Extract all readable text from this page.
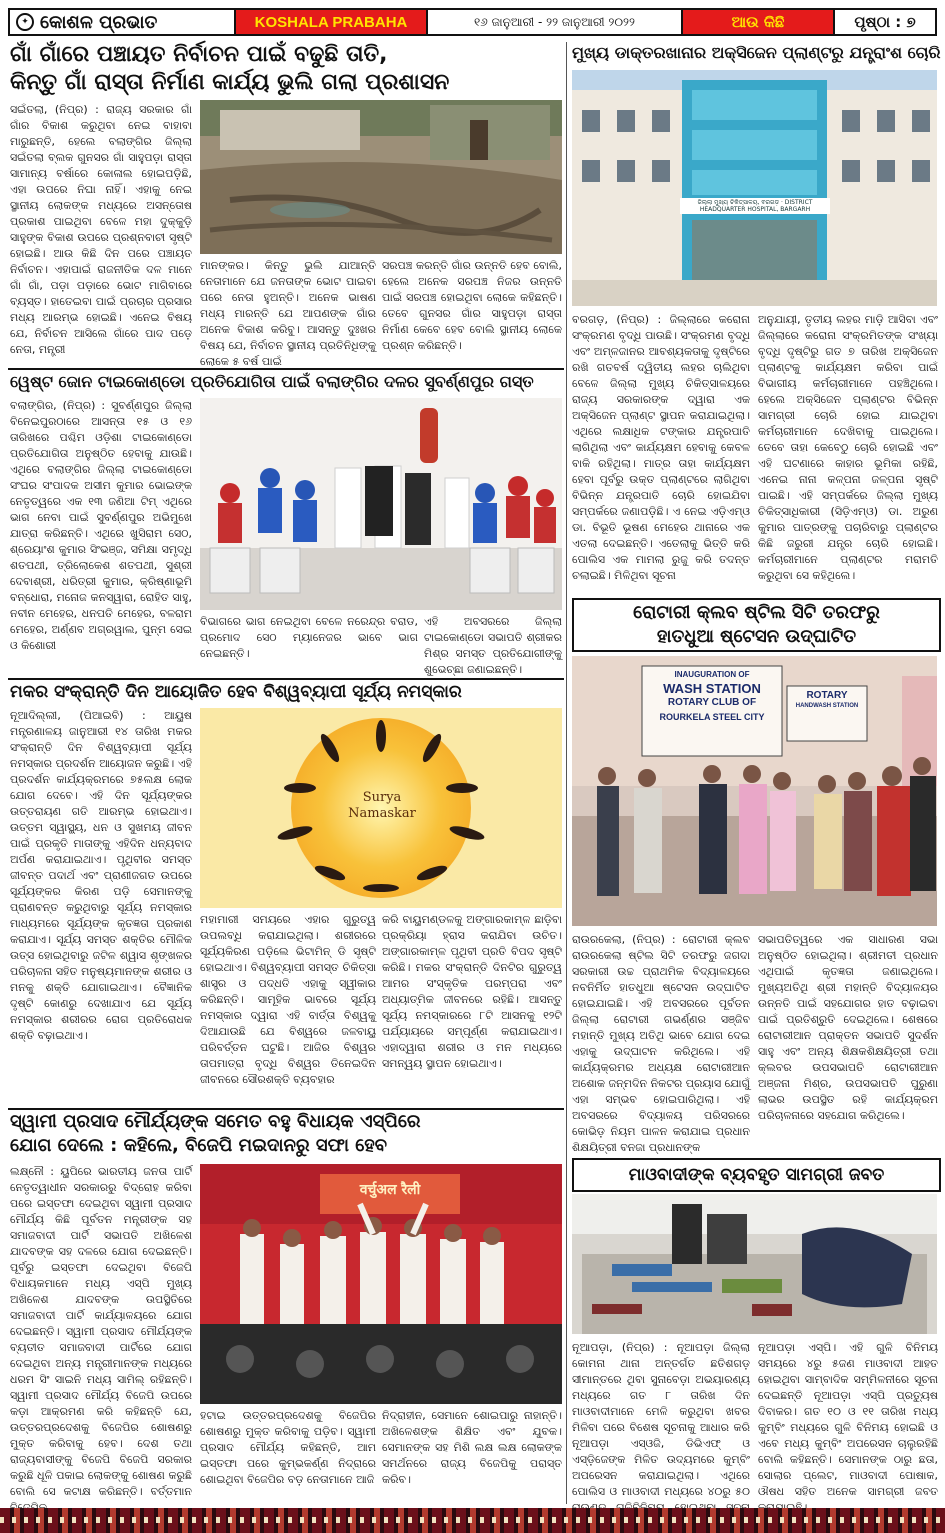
✦ କୋଶଳ ପ୍ରଭାତ	KOSHALA PRABAHA	୧୬ ଜାନୁଆରୀ - ୨୨ ଜାନୁଆରୀ ୨୦୨୨	ଆଉ କିଛି	ପୃଷ୍ଠା : ୭
ଗାଁ ଗାଁରେ ପଞ୍ଚାୟତ ନିର୍ବାଚନ ପାଇଁ ବଢୁଛି ତାତି,
କିନ୍ତୁ ଗାଁ ରାସ୍ତା ନିର୍ମାଣ କାର୍ଯ୍ୟ ଭୁଲି ଗଲା ପ୍ରଶାସନ
ସଇଁତଲା, (ନିପ୍ର) : ରାଜ୍ୟ ସରକାର ଗାଁ ଗାଁର ବିକାଶ କରୁଥିବା ନେଇ ବାହାବା ମାରୁଛନ୍ତି, ହେଲେ ବଲାଙ୍ଗିର ଜିଲ୍ଲା ସଇଁତଲା ବ୍ଲକ ଗୁନସର ଗାଁ ସାହୁପଡ଼ା ରାସ୍ତା ସାମାନ୍ୟ ବର୍ଷାରେ କୋଳାଲ ହୋଇପଡ଼ିଛି, ଏହା ଉପରେ ନିଘା ନାହିଁ। ଏହାକୁ ନେଇ ସ୍ଥାନୀୟ ଲୋକଙ୍କ ମଧ୍ୟରେ ଅସନ୍ତୋଷ ପ୍ରକାଶ ପାଇଥିବା ବେଳେ ମହା ଦୁକ୍କୁଡ଼ି ସାହୁଙ୍କ ବିକାଶ ଉପରେ ପ୍ରଶ୍ନବାଚୀ ସୃଷ୍ଟି ହୋଇଛି। ଆଉ କିଛି ଦିନ ପରେ ପଞ୍ଚାୟତ ନିର୍ବାଚନ। ଏହାପାଇଁ ରାଜନୀତିକ ଦଳ ମାନେ ଗାଁ ଗାଁ, ପଡ଼ା ପଡ଼ାରେ ଭୋଟ ମାଗିବାରେ ବ୍ୟସ୍ତ। ହାତେଇବା ପାଇଁ ପ୍ରଚାର ପ୍ରସାର ମଧ୍ୟ ଆରମ୍ଭ ହୋଇଛି। ଏନେଇ ବିଷୟ ଯେ, ନିର୍ବାଚନ ଆସିଲେ ଗାଁରେ ପାଦ ପଡ଼େ ନେତା, ମନ୍ତ୍ରୀ
ମାନଙ୍କର। କିନ୍ତୁ ଭୁଲି ଯାଆନ୍ତି ନେତାମାନେ ଯେ ଜନତାଙ୍କ ଭୋଟ ପାଇବା ପରେ ନେତା ହୁଅନ୍ତି। ଅନେକ ଭାଷଣ ମଧ୍ୟ ମାରନ୍ତି ଯେ ଆପଣଙ୍କ ଗାଁର ଅନେକ ବିକାଶ କରିବୁ। ଆସନ୍ତୁ ଦୁଃଖର ବିଷୟ ଯେ, ନିର୍ବାଚନ ସ୍ଥାନୀୟ ପ୍ରତିନିଧିଙ୍କୁ ଲୋକେ ୫ ବର୍ଷ ପାଇଁ
ସରପଞ୍ଚ କରନ୍ତି ଗାଁର ଉନ୍ନତି ହେବ ବୋଲି, ହେଲେ ଅନେକ ସରପଞ୍ଚ ନିଜର ଉନ୍ନତି ପାଇଁ ସରପଞ୍ଚ ହୋଇଥିବା ଲୋକେ କହିଛନ୍ତି। ତେବେ ଗୁନସର ଗାଁର ସାହୁପଡ଼ା ରାସ୍ତା ନିର୍ମାଣ କେବେ ହେବ ବୋଲି ସ୍ଥାନୀୟ ଲୋକେ ପ୍ରଶ୍ନ କରିଛନ୍ତି।
ମୁଖ୍ୟ ଡାକ୍ତରଖାନାର ଅକ୍ସିଜେନ ପ୍ଲାଣ୍ଟରୁ ଯନ୍ତ୍ରାଂଶ ଚୋରି
ଜିଲ୍ଲା ମୁଖ୍ୟ ଚିକିତ୍ସାଳୟ, ବରଗଡ଼ · DISTRICT HEADQUARTER HOSPITAL, BARGARH
ବରଗଡ଼, (ନିପ୍ର) : ଜିଲ୍ଲାରେ କରୋନା ସଂକ୍ରମଣ ବୃଦ୍ଧି ପାଉଛି। ସଂକ୍ରମଣ ବୃଦ୍ଧି ଏବଂ ଅମ୍ଳଜାନର ଆବଶ୍ୟକତାକୁ ଦୃଷ୍ଟିରେ ରଖି ଗତବର୍ଷ ଦ୍ୱିତୀୟ ଲହର ଚାଲିଥିବା ବେଳେ ଜିଲ୍ଲା ମୁଖ୍ୟ ଚିକିତ୍ସାଳୟରେ ରାଜ୍ୟ ସରକାରଙ୍କ ଦ୍ୱାରା ଏକ ଅକ୍ସିଜେନ ପ୍ଲାଣ୍ଟ ସ୍ଥାପନ କରାଯାଇଥିଲା। ଏଥିରେ ଲକ୍ଷାଧିକ ଟଙ୍କାର ଯନ୍ତ୍ରପାତି ଲାଗିଥିଲା ଏବଂ କାର୍ଯ୍ୟକ୍ଷମ ହେବାକୁ କେବଳ ବାକି ରହିଥିଲା। ମାତ୍ର ତାହା କାର୍ଯ୍ୟକ୍ଷମ ହେବା ପୂର୍ବରୁ ଉକ୍ତ ପ୍ଲାଣ୍ଟରେ ଲାଗିଥିବା ବିଭିନ୍ନ ଯନ୍ତ୍ରପାତି ଚୋରି ହୋଇଯିବା ସମ୍ପର୍କରେ ଜଣାପଡ଼ିଛି। ଏ ନେଇ ଏଡ଼ିଏମ୍‌ଓ ଡା. ବିଭୂତି ଭୂଷଣ ମେହେର ଥାନାରେ ଏକ ଏତଲା ଦେଇଛନ୍ତି। ଏତେଲାକୁ ଭିତ୍ତି କରି ପୋଲିସ ଏକ ମାମଲା ରୁଜୁ କରି ତଦନ୍ତ ଚଲାଇଛି। ମିଳିଥିବା ସୂଚନା
ଅନୁଯାୟୀ, ତୃତୀୟ ଲହର ମାଡ଼ି ଆସିବା ଏବଂ ଜିଲ୍ଲାରେ କରୋନା ସଂକ୍ରମିତଙ୍କ ସଂଖ୍ୟା ବୃଦ୍ଧି ଦୃଷ୍ଟିରୁ ଗତ ୭ ତାରିଖ ଅକ୍ସିଜେନ ପ୍ଲାଣ୍ଟକୁ କାର୍ଯ୍ୟକ୍ଷମ କରିବା ପାଇଁ ବିଭାଗୀୟ କର୍ମଚାରୀମାନେ ପହଞ୍ଚିଥିଲେ। ହେଲେ ଅକ୍ସିଜେନ ପ୍ଲାଣ୍ଟର ବିଭିନ୍ନ ସାମଗ୍ରୀ ଚୋରି ହୋଇ ଯାଇଥିବା କର୍ମଚାରୀମାନେ ଦେଖିବାକୁ ପାଇଥିଲେ। ତେବେ ତାହା କେବେଠୁ ଚୋରି ହୋଇଛି ଏବଂ ଏହି ଘଟଣାରେ କାହାର ଭୂମିକା ରହିଛି, ଏନେଇ ନାନା କଳ୍ପନା ଜଳ୍ପନା ସୃଷ୍ଟି ପାଇଛି। ଏହି ସମ୍ପର୍କରେ ଜିଲ୍ଲା ମୁଖ୍ୟ ଚିକିତ୍ସାଧିକାରୀ (ସିଡ଼ିଏମ୍‌ଓ) ଡା. ଅରୁଣ କୁମାର ପାତ୍ରଙ୍କୁ ପଚାରିବାରୁ ପ୍ଲାଣ୍ଟର କିଛି ଜରୁରୀ ଯନ୍ତ୍ର ଚୋରି ହୋଇଛି। କର୍ମଚାରୀମାନେ ପ୍ଲାଣ୍ଟର ମରାମତି କରୁଥିବା ସେ କହିଥିଲେ।
ୱେଷ୍ଟ ଜୋନ ଟାଇକୋଣ୍ଡୋ ପ୍ରତିଯୋଗିତା ପାଇଁ ବଲାଙ୍ଗିର ଦଳର ସୁବର୍ଣ୍ଣପୁର ଗସ୍ତ
ବଲାଙ୍ଗିର, (ନିପ୍ର) : ସୁବର୍ଣ୍ଣପୁର ଜିଲ୍ଲା ବିନେଇପୁରଠାରେ ଆସନ୍ତା ୧୫ ଓ ୧୬ ତାରିଖରେ ପଶ୍ଚିମ ଓଡ଼ିଶା ଟାଇକୋଣ୍ଡୋ ପ୍ରତିଯୋଗିତା ଅନୁଷ୍ଠିତ ହେବାକୁ ଯାଉଛି। ଏଥିରେ ବଲାଙ୍ଗିର ଜିଲ୍ଲା ଟାଇକୋଣ୍ଡୋ ସଂଘର ସଂପାଦକ ଅସୀମ କୁମାର ଭୋଇଙ୍କ ନେତୃତ୍ୱରେ ଏକ ୧୩ ଜଣିଆ ଟିମ୍ ଏଥିରେ ଭାଗ ନେବା ପାଇଁ ସୁବର୍ଣ୍ଣପୁର ଅଭିମୁଖେ ଯାତ୍ରା କରିଛନ୍ତି। ଏଥିରେ ଖୁସିରାମ ସେଠ, ଶ୍ରେୟାଂଶ କୁମାର ସିଂଭଞ୍ଜ, ସମିକ୍ଷା ସମୃଦ୍ଧି ଶତପଥୀ, ତ୍ରିଲୋକେଶ ଶତପଥୀ, ସୁଶ୍ରୀ ଦେବାଶ୍ରୀ, ଧରିତ୍ରୀ କୁମାର, କ୍ରିଷ୍ଣାଭୂମି ବନ୍ଧୋରା, ମନୋଜ କନସ୍ୱାରା, ରୋହିତ ସାହୁ, ନବୀନ ମେହେର, ଧନପତି ମେହେର, ବଳରାମ ମେହେର, ଅର୍ଣ୍ଣବ ଅଗ୍ରୱାଲ, ପୁନ୍ମ ସେଇ ଓ କିଶୋରୀ
ବିଭାଗରେ ଭାଗ ନେଇଥିବା ବେଳେ ନରେନ୍ଦ୍ର ବରାଡ, ପ୍ରମୋଦ ସେଠ ମ୍ୟାନେଜର ଭାବେ ଭାଗ ନେଇଛନ୍ତି।
ଏହି ଅବସରରେ ଜିଲ୍ଲା ଟାଇକୋଣ୍ଡୋ ସଭାପତି ଶ୍ରୀକର ମିଶ୍ର ସମସ୍ତ ପ୍ରତିଯୋଗୀଙ୍କୁ ଶୁଭେଚ୍ଛା ଜଣାଇଛନ୍ତି।
ରୋଟାରୀ କ୍ଲବ ଷ୍ଟିଲ ସିଟି ତରଫରୁ
ହାତଧୁଆ ଷ୍ଟେସନ ଉଦ୍‌ଘାଟିତ
INAUGURATION OF
WASH STATION
ROTARY CLUB OF
ROURKELA STEEL CITY
ROTARY
HANDWASH STATION
ରାଉରକେଲା, (ନିପ୍ର) : ରୋଟାରୀ କ୍ଲବ ରାଉରକେଲା ଷ୍ଟିଲ ସିଟି ତରଫରୁ ଜଗଦା ସରକାରୀ ଉଚ୍ଚ ପ୍ରାଥମିକ ବିଦ୍ୟାଳୟରେ ନବନିର୍ମିତ ହାତଧୁଆ ଷ୍ଟେସନ ଉଦ୍‌ଘାଟିତ ହୋଇଯାଇଛି। ଏହି ଅବସରରେ ପୂର୍ବତନ ଜିଲ୍ଲା ରୋଟାରୀ ଗଭର୍ଣ୍ଣର ସଞ୍ଜିବ ମହାନ୍ତି ମୁଖ୍ୟ ଅତିଥି ଭାବେ ଯୋଗ ଦେଇ ଏହାକୁ ଉଦ୍‌ଘାଟନ କରିଥିଲେ। ଏହି କାର୍ଯ୍ୟକ୍ରମର ଅଧ୍ୟକ୍ଷ ରୋଟାରୀଆନ ଅଶୋକ ଜନ୍ମଦିନ ନିକଟର ପ୍ରୟାସ ଯୋଗୁଁ ଏହା ସମ୍ଭବ ହୋଇପାରିଥିଲା। ଏହି ଅବସରରେ ବିଦ୍ୟାଳୟ ପରିସରରେ କୋଭିଡ଼ ନିୟମ ପାଳନ କରାଯାଇ ପ୍ରଧାନ ଶିକ୍ଷୟିତ୍ରୀ ବନଜା ପ୍ରଧାନଙ୍କ
ସଭାପତିତ୍ୱରେ ଏକ ସାଧାରଣ ସଭା ଅନୁଷ୍ଠିତ ହୋଇଥିଲା। ଶ୍ରୀମତୀ ପ୍ରଧାନ ଏଥିପାଇଁ କୃତଜ୍ଞତା ଜଣାଇଥିଲେ। ମୁଖ୍ୟଅତିଥି ଶ୍ରୀ ମହାନ୍ତି ବିଦ୍ୟାଳୟର ଉନ୍ନତି ପାଇଁ ସହଯୋଗର ହାତ ବଢ଼ାଇବା ପାଇଁ ପ୍ରତିଶ୍ରୁତି ଦେଇଥିଲେ। ଶେଷରେ ରୋଟାରୀଆନ ପ୍ରାକ୍ତନ ସଭାପତି ସୁଦର୍ଶନ ସାହୁ ଏବଂ ଅନ୍ୟ ଶିକ୍ଷକଶିକ୍ଷୟିତ୍ରୀ ତଥା କ୍ଲବର ଉପସଭାପତି ରୋଟାରୀଆନ ଅଞ୍ଜନା ମିଶ୍ର, ଉପସଭାପତି ପୁରୁଣା ଲାଭର ଉପସ୍ଥିତ ରହି କାର୍ଯ୍ୟକ୍ରମ ପରିଚାଳନାରେ ସହଯୋଗ କରିଥିଲେ।
ମକର ସଂକ୍ରାନ୍ତି ଦିନ ଆୟୋଜିତ ହେବ ବିଶ୍ୱବ୍ୟାପୀ ସୂର୍ଯ୍ୟ ନମସ୍କାର
Surya
Namaskar
ନୂଆଦିଲ୍ଲୀ, (ପିଆଇବି) : ଆୟୁଷ ମନ୍ତ୍ରଣାଳୟ ଜାନୁଆରୀ ୧୪ ତାରିଖ ମକର ସଂକ୍ରାନ୍ତି ଦିନ ବିଶ୍ୱବ୍ୟାପୀ ସୂର୍ଯ୍ୟ ନମସ୍କାର ପ୍ରଦର୍ଶନ ଆୟୋଜନ କରୁଛି। ଏହି ପ୍ରଦର୍ଶନ କାର୍ଯ୍ୟକ୍ରମରେ ୭୫ଲକ୍ଷ ଲୋକ ଯୋଗ ଦେବେ। ଏହି ଦିନ ସୂର୍ଯ୍ୟଙ୍କର ଉତ୍ତରାୟଣ ଗତି ଆରମ୍ଭ ହୋଇଥାଏ। ଉତ୍ତମ ସ୍ୱାସ୍ଥ୍ୟ, ଧନ ଓ ସୁଖମୟ ଜୀବନ ପାଇଁ ପ୍ରକୃତି ମାତାଙ୍କୁ ଏହିଦିନ ଧନ୍ୟବାଦ ଅର୍ପଣ କରାଯାଇଥାଏ। ପୃଥିବୀର ସମସ୍ତ ଜୀବନ୍ତ ପଦାର୍ଥ ଏବଂ ପ୍ରାଣୀଜଗତ ଉପରେ ସୂର୍ଯ୍ୟଙ୍କର କିରଣ ପଡ଼ି ସେମାନଙ୍କୁ ପ୍ରାଣବନ୍ତ କରୁଥିବାରୁ ସୂର୍ଯ୍ୟ ନମସ୍କାର ମାଧ୍ୟମରେ ସୂର୍ଯ୍ୟଙ୍କ କୃତଜ୍ଞତା ପ୍ରକାଶ କରାଯାଏ। ସୂର୍ଯ୍ୟ ସମସ୍ତ ଶକ୍ତିର ମୌଳିକ ଉତ୍ସ ହୋଇଥିବାରୁ ଜଟିଳ ଶ୍ୱାସ ଶୃଙ୍ଖଳର ପରିଚାଳନା ସହିତ ମନୁଷ୍ୟମାନଙ୍କ ଶରୀର ଓ ମନକୁ ଶକ୍ତି ଯୋଗାଇଥାଏ। ବୈଜ୍ଞାନିକ ଦୃଷ୍ଟି କୋଣରୁ ଦେଖାଯାଏ ଯେ ସୂର୍ଯ୍ୟ ନମସ୍କାର ଶରୀରର ରୋଗ ପ୍ରତିରୋଧକ ଶକ୍ତି ବଢ଼ାଇଥାଏ।
ମହାମାରୀ ସମୟରେ ଏହାର ଗୁରୁତ୍ୱ ଉପଲବ୍ଧି କରାଯାଇଥିଲା। ଶରୀରରେ ସୂର୍ଯ୍ୟକିରଣ ପଡ଼ିଲେ ଭିଟାମିନ୍ ଡି ସୃଷ୍ଟି ହୋଇଥାଏ। ବିଶ୍ୱବ୍ୟାପୀ ସମସ୍ତ ଚିକିତ୍ସା ଶାସ୍ତ୍ର ଓ ପଦ୍ଧତି ଏହାକୁ ସ୍ୱୀକାର କରିଛନ୍ତି। ସାମୂହିକ ଭାବରେ ସୂର୍ଯ୍ୟ ନମସ୍କାର ଦ୍ୱାରା ଏହି ବାର୍ତ୍ତା ବିଶ୍ୱକୁ ଦିଆଯାଉଛି ଯେ ବିଶ୍ୱରେ ଜଳବାୟୁ ପରିବର୍ତ୍ତନ ଘଟୁଛି। ଆଜିର ବିଶ୍ୱର ତାପମାତ୍ରା ବୃଦ୍ଧି ବିଶ୍ୱର ତିନେଇଦିନ ଜୀବନରେ ସୌରଶକ୍ତି ବ୍ୟବହାର
କରି ବାୟୁମଣ୍ଡଳକୁ ଅଙ୍ଗାରକାମ୍ଳ ଛାଡ଼ିବା ପ୍ରକ୍ରିୟା ହ୍ରାସ କରାଯିବା ଉଚିତ। ଅଙ୍ଗାରକାମ୍ଳ ପୃଥିବୀ ପ୍ରତି ବିପଦ ସୃଷ୍ଟି କରିଛି। ମକର ସଂକ୍ରାନ୍ତି ଦିନଟିର ଗୁରୁତ୍ୱ ଆମର ସଂସ୍କୃତିକ ପରମ୍ପରା ଏବଂ ଅଧ୍ୟାତ୍ମିକ ଜୀବନରେ ରହିଛି। ଆସନ୍ତୁ ସୂର୍ଯ୍ୟ ନମସ୍କାରରେ ୮ଟି ଆସନକୁ ୧୨ଟି ପର୍ଯ୍ୟାୟରେ ସମ୍ପୂର୍ଣ୍ଣ କରାଯାଇଥାଏ। ଏହାଦ୍ୱାରା ଶରୀର ଓ ମନ ମଧ୍ୟରେ ସମନ୍ୱୟ ସ୍ଥାପନ ହୋଇଥାଏ।
ସ୍ୱାମୀ ପ୍ରସାଦ ମୌର୍ଯ୍ୟଙ୍କ ସମେତ ବହୁ ବିଧାୟକ ଏସ୍‌ପିରେ
ଯୋଗ ଦେଲେ : କହିଲେ, ବିଜେପି ମଇଦାନରୁ ସଫା ହେବ
वर्चुअल रैली
ଲକ୍ଷ୍ନୌ : ୟୁପିରେ ଭାରତୀୟ ଜନତା ପାର୍ଟି ନେତୃତ୍ୱାଧୀନ ସରକାରରୁ ବିଦ୍ରୋହ କରିବା ପରେ ଇସ୍ତଫା ଦେଇଥିବା ସ୍ୱାମୀ ପ୍ରସାଦ ମୌର୍ଯ୍ୟ କିଛି ପୂର୍ବତନ ମନ୍ତ୍ରୀଙ୍କ ସହ ସମାଜବାଦୀ ପାର୍ଟି ସଭାପତି ଅଖିଳେଶ ଯାଦବଙ୍କ ସହ ଦଳରେ ଯୋଗ ଦେଇଛନ୍ତି। ପୂର୍ବରୁ ଇସ୍ତଫା ଦେଇଥିବା ବିଜେପି ବିଧାୟକମାନେ ମଧ୍ୟ ଏସ୍‌ପି ମୁଖ୍ୟ ଅଖିଳେଶ ଯାଦବଙ୍କ ଉପସ୍ଥିତିରେ ସମାଜବାଦୀ ପାର୍ଟି କାର୍ଯ୍ୟାଳୟରେ ଯୋଗ ଦେଇଛନ୍ତି। ସ୍ୱାମୀ ପ୍ରସାଦ ମୌର୍ଯ୍ୟଙ୍କ ବ୍ୟତୀତ ସମାଜବାଦୀ ପାର୍ଟିରେ ଯୋଗ ଦେଇଥିବା ଅନ୍ୟ ମନ୍ତ୍ରୀମାନଙ୍କ ମଧ୍ୟରେ ଧରମ ସିଂ ସାଇନି ମଧ୍ୟ ସାମିଲ୍ ରହିଛନ୍ତି। ସ୍ୱାମୀ ପ୍ରସାଦ ମୌର୍ଯ୍ୟ ବିଜେପି ଉପରେ କଡ଼ା ଆକ୍ରମଣ କରି କହିଛନ୍ତି ଯେ, ଉତ୍ତରପ୍ରଦେଶକୁ ବିଜେପିର ଶୋଷଣରୁ ମୁକ୍ତ କରିବାକୁ ହେବ। ଦେଶ ତଥା ରାଜ୍ୟବାସୀଙ୍କୁ ବିଜେପି ବିଜେପି ସରକାର କରୁଛି ଧୂଳି ପକାଇ ଲୋକଙ୍କୁ ଶୋଷଣ କରୁଛି ବୋଲି ସେ କଟାକ୍ଷ କରିଛନ୍ତି। ବର୍ତ୍ତମାନ
ହଟାଇ ଉତ୍ତରପ୍ରଦେଶକୁ ବିଜେପିର ଶୋଷଣରୁ ମୁକ୍ତ କରିବାକୁ ପଡ଼ିବ। ସ୍ୱାମୀ ପ୍ରସାଦ ମୌର୍ଯ୍ୟ କହିଛନ୍ତି, ଆମ ଇସ୍ତଫା ପରେ କୁମ୍ଭକର୍ଣ୍ଣ ନିଦ୍ରାରେ ଶୋଇଥିବା ବିଜେପିର ବଡ଼ ନେତାମାନେ ଆଜି
ନିଦ୍ରାହୀନ, ସେମାନେ ଶୋଇପାରୁ ନାହାନ୍ତି। ଅଖିଳେଶଙ୍କ ଶିକ୍ଷିତ ଏବଂ ଯୁବକ। ସେମାନଙ୍କ ସହ ମିଶି ଲକ୍ଷ ଲକ୍ଷ ଲୋକଙ୍କ ସମର୍ଥନରେ ରାଜ୍ୟ ବିଜେପିକୁ ପରାସ୍ତ କରିବ।
ମାଓବାଦୀଙ୍କ ବ୍ୟବହୃତ ସାମଗ୍ରୀ ଜବତ
ନୂଆପଡ଼ା, (ନିପ୍ର) : ନୂଆପଡ଼ା ଜିଲ୍ଲା କୋମନା ଥାନା ଅନ୍ତର୍ଗତ ଛତିଶଗଡ଼ ସୀମାନ୍ତରେ ଥିବା ସୁନାବେଡ଼ା ଅଭୟାରଣ୍ୟ ମଧ୍ୟରେ ଗତ ୮ ତାରିଖ ଦିନ ମାଓବାଦୀମାନେ ମେଳି କରୁଥିବା ଖବର ମିଳିବା ପରେ ବିଶେଷ ସୂଚନାକୁ ଆଧାର କରି ନୂଆପଡ଼ା ଏସ୍‌ଓଜି, ଡିଭିଏଫ୍ ଓ ଏସ୍‌ଡ଼ିଜେଙ୍କ ମିଳିତ ଉଦ୍ୟମରେ କୁମ୍ବିଂ ଅପରେସନ କରାଯାଇଥିଲା। ଏଥିରେ ପୋଲିସ ଓ ମାଓବାଦୀ ମଧ୍ୟରେ ୪୦ରୁ ୫୦
ନୂଆପଡ଼ା ଏସ୍‌ପି। ଏହି ଗୁଳି ବିନିମୟ ସମୟରେ ୪ରୁ ୫ଜଣ ମାଓବାଦୀ ଆହତ ହୋଇଥିବା ସାମ୍ବାଦିକ ସମ୍ମିଳନୀରେ ସୂଚନା ଦେଇଛନ୍ତି ନୂଆପଡ଼ା ଏସ୍‌ପି ପ୍ରତ୍ୟୁଷ ଦିବାକର। ଗତ ୧୦ ଓ ୧୧ ତାରିଖ ମଧ୍ୟ କୁମ୍ବିଂ ମଧ୍ୟରେ ଗୁଳି ବିନିମୟ ହୋଇଛି ଓ ଏବେ ମଧ୍ୟ କୁମ୍ବିଂ ଅପରେସନ ଚାଲୁରହିଛି ବୋଲି କହିଛନ୍ତି। ସେମାନଙ୍କ ଠାରୁ ଛତା, ସୋଲାର ପ୍ଲେଟ, ମାଓବାଦୀ ପୋଷାକ, ଔଷଧ ସହିତ ଅନେକ ସାମଗ୍ରୀ ଜବତ
